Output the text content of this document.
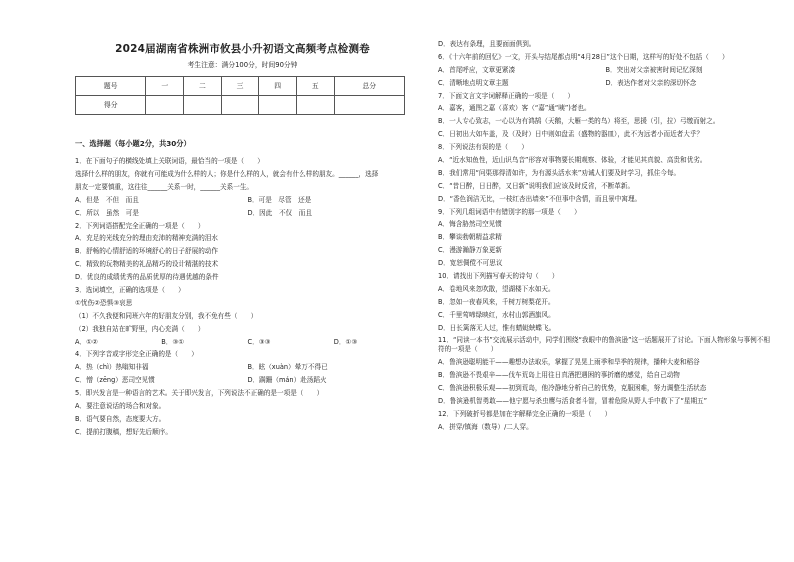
2024届湖南省株洲市攸县小升初语文高频考点检测卷
考生注意：满分100分，时间90分钟
题号	一	二	三	四	五	总分
得分						
一、选择题（每小题2分，共30分）
1．在下面句子的横线处填上关联词语，最恰当的一项是（　　）
选择什么样的朋友，你就有可能成为什么样的人；你是什么样的人，就会有什么样的朋友。______，选择
朋友一定要慎重，这往往______关系一时，______关系一生。
A．但是　不但　而且	B．可是　尽管　还是
C．所以　虽然　可是	D．因此　不仅　而且
2．下列词语搭配完全正确的一项是（　　）
A．充足的光线充分的理由充沛的精神充满的泪水
B．舒畅的心情舒适的环境舒心的日子舒展的动作
C．精致的玩物精美的礼品精巧的设计精湛的技术
D．优良的成绩优秀的品质优厚的待遇优越的条件
3．选词填空，正确的选项是（　　）
①忧伤②恐惧③哀思
（1）不久我便和同班六年的好朋友分别，我不免有些（　　）
（2）我独自站在旷野里，内心充满（　　）
A．①②	B．③①	C．③③	D．①③
4．下列字音或字形完全正确的是（　　）
A．热（chì）热嗡知非福	B．眩（xuàn）晕万不得已
C．憎（zēng）恶司空见惯	D．蹒跚（mán）赴汤蹈火
5．即兴发言是一种语言的艺术。关于即兴发言，下列说法不正确的是一项是（　　）
A．要注意说话的场合和对象。
B．语气要自然，态度要大方。
C．提前打腹稿，想好先后顺序。
D．表达有条理，且要面面俱到。
6．《十六年前的回忆》一文，开头与结尾都点明“4月28日”这个日期，这样写的好处不包括（　　）
A．首尾呼应，文章更紧凑	B．突出对父亲被害时间记忆深刻
C．清晰地点明文章主题	D．表达作者对父亲的深切怀念
7．下面文言文字词解释正确的一项是（　　）
A．嘉客，通图之嘉（喜欢）客（“嘉”通“咦”)者也。
B．一人专心致志，一心以为有鸿鹄（天鹅，大雁一类的鸟）将至，思援（引，拉）弓缴而射之。
C．日初出大如车盖，及（及时）日中则如盘盂（盛物的器皿），此不为远者小而近者大乎？
8．下列说法有误的是（　　）
A．“近水知鱼性，近山识鸟音”形容对事物要长期观察、体验，才能见其真貌、高贵和优劣。
B．我们常用“问渠那得清如许，为有源头活水来”劝诫人们要及时学习，抓住今每。
C．“昔日醉，日日醉，又日新”说明我们应该及时反省，不断革新。
D．“香色润洁无比，一枝红杏出墙来”不但事中含情，而且景中寓理。
9．下列几组词语中有错别字的那一项是（　　）
A．悔含胁然司空见惯
B．攀谈勃朝精益求精
C．漫游瀚静万象更新
D．宽恕倜傥不可思议
10．请找出下列描写春天的诗句（　　）
A．卷地风来忽吹散，望湖楼下水如天。
B．忽如一夜春风来，千树万树梨花开。
C．千里莺啼绿映红，水村山郭酒旗风。
D．日长篱落无人过，惟有蜻蜓蛱蝶飞。
11．“同读一本书”交流展示活动中，同学们围绕“我眼中的鲁滨逊”这一话题展开了讨论。下面人物形象与事例不相符的一项是（　　）
A．鲁滨逊聪明能干——趣想办法取乐，掌握了晃晃上雨季和旱季的规律，播种大麦和稻谷
B．鲁滨逊不畏艰辛——伐车荒岛上用往日真酒把遇困的事折磨的感觉，给自己动物
C．鲁滨逊积极乐观——初到荒岛，他冷静地分析自己的优势，克服困难，努力调整生活状态
D．鲁滨逊机智勇敢——他宁愿与杀虫鹰与活食者斗智，冒着危险从野人手中救下了“星期五”
12．下列破折号都是加在字解释完全正确的一项是（　　）
A．拼穿/镇海（数导）/二人穿。
